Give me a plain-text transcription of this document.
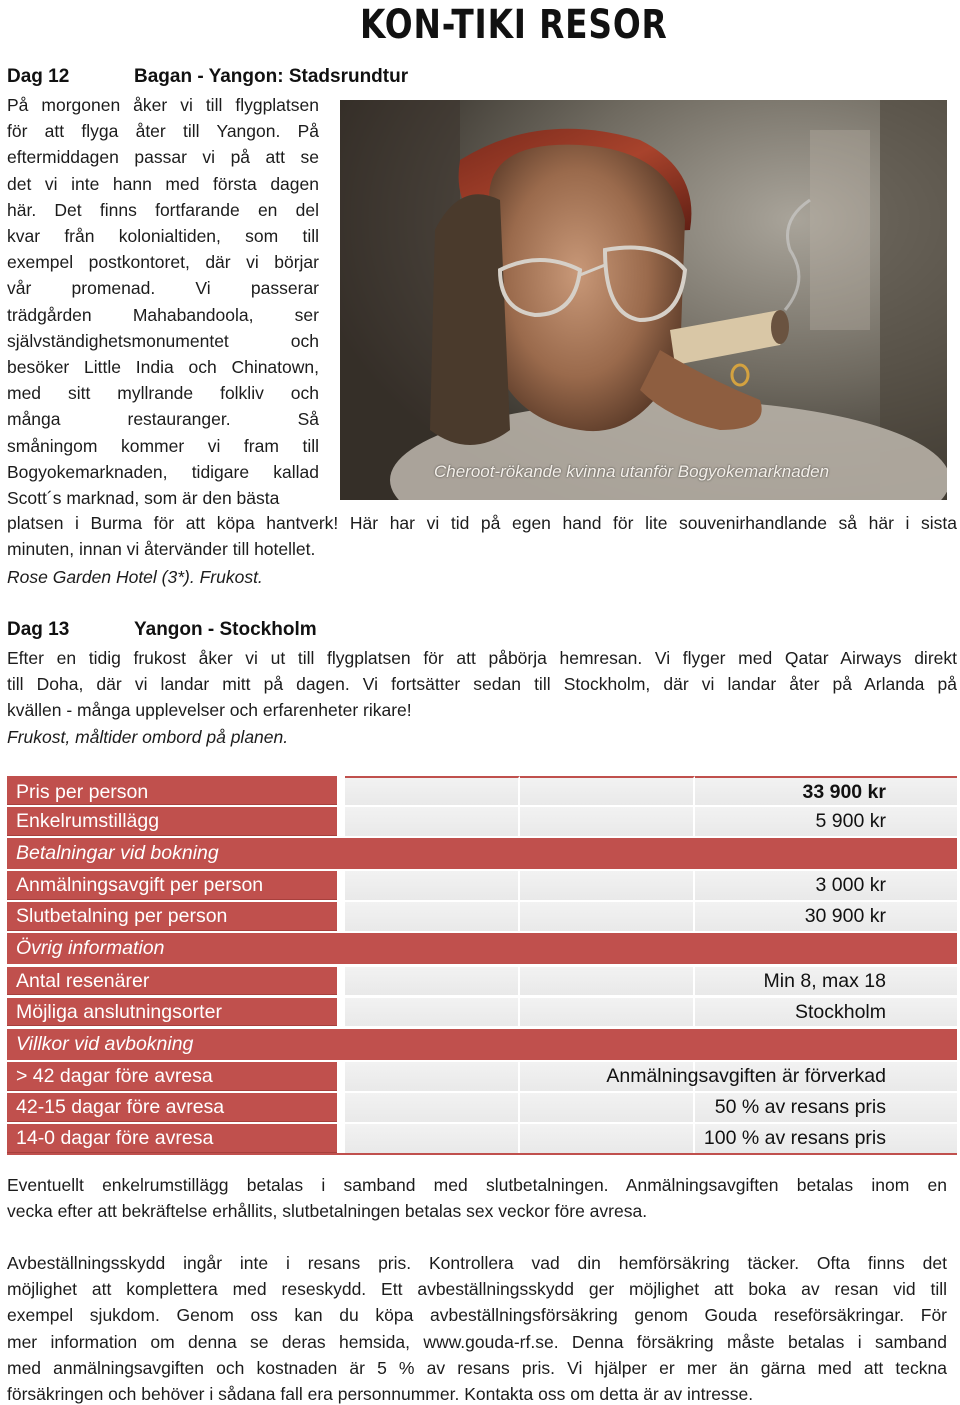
KON-TIKI RESOR
Dag 12	Bagan - Yangon: Stadsrundtur
På morgonen åker vi till flygplatsen
för att flyga åter till Yangon. På
eftermiddagen passar vi på att se
det vi inte hann med första dagen
här. Det finns fortfarande en del
kvar från kolonialtiden, som till
exempel postkontoret, där vi börjar
vår promenad. Vi passerar
trädgården Mahabandoola, ser
självständighetsmonumentet och
besöker Little India och Chinatown,
med sitt myllrande folkliv och
många restauranger. Så
småningom kommer vi fram till
Bogyokemarknaden, tidigare kallad
Scott´s marknad, som är den bästa
Cheroot-rökande kvinna utanför Bogyokemarknaden
platsen i Burma för att köpa hantverk! Här har vi tid på egen hand för lite souvenirhandlande så här i sista
minuten, innan vi återvänder till hotellet.
Rose Garden Hotel (3*). Frukost.
Dag 13	Yangon - Stockholm
Efter en tidig frukost åker vi ut till flygplatsen för att påbörja hemresan. Vi flyger med Qatar Airways direkt
till Doha, där vi landar mitt på dagen. Vi fortsätter sedan till Stockholm, där vi landar åter på Arlanda på
kvällen - många upplevelser och erfarenheter rikare!
Frukost, måltider ombord på planen.
Pris per person	33 900 kr
Enkelrumstillägg	5 900 kr
Betalningar vid bokning
Anmälningsavgift per person	3 000 kr
Slutbetalning per person	30 900 kr
Övrig information
Antal resenärer	Min 8, max 18
Möjliga anslutningsorter	Stockholm
Villkor vid avbokning
> 42 dagar före avresa	Anmälningsavgiften är förverkad
42-15 dagar före avresa	50 % av resans pris
14-0 dagar före avresa	100 % av resans pris
Eventuellt enkelrumstillägg betalas i samband med slutbetalningen. Anmälningsavgiften betalas inom en
vecka efter att bekräftelse erhållits, slutbetalningen betalas sex veckor före avresa.
Avbeställningsskydd ingår inte i resans pris. Kontrollera vad din hemförsäkring täcker. Ofta finns det
möjlighet att komplettera med reseskydd. Ett avbeställningsskydd ger möjlighet att boka av resan vid till
exempel sjukdom. Genom oss kan du köpa avbeställningsförsäkring genom Gouda reseförsäkringar. För
mer information om denna se deras hemsida, www.gouda-rf.se. Denna försäkring måste betalas i samband
med anmälningsavgiften och kostnaden är 5 % av resans pris. Vi hjälper er mer än gärna med att teckna
försäkringen och behöver i sådana fall era personnummer. Kontakta oss om detta är av intresse.
